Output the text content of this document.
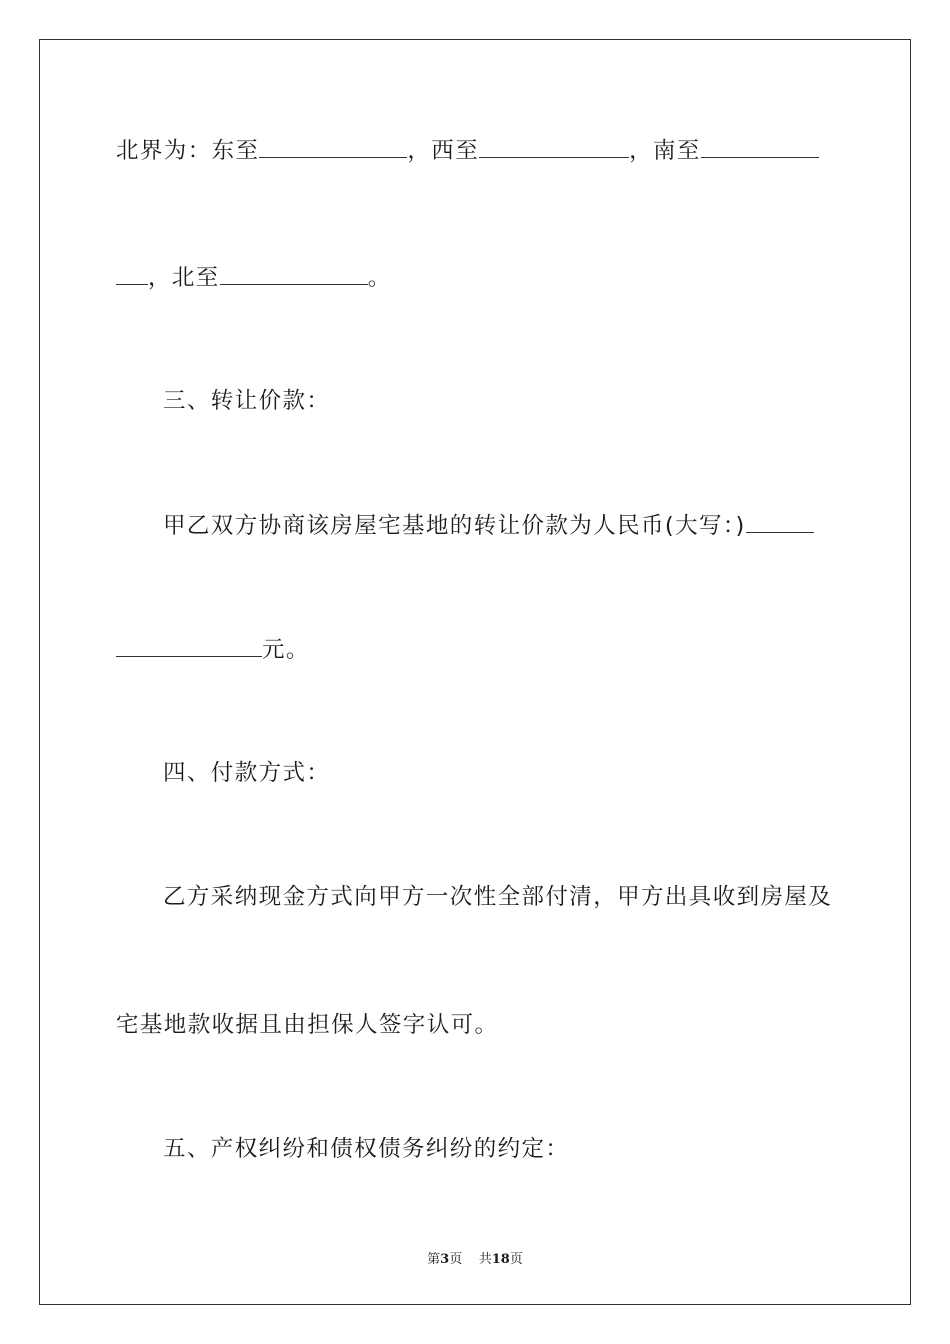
北界为：东至	，西至	，南至
，北至	。
三、转让价款：
甲乙双方协商该房屋宅基地的转让价款为人民币(大写：)
元。
四、付款方式：
乙方采纳现金方式向甲方一次性全部付清，甲方出具收到房屋及
宅基地款收据且由担保人签字认可。
五、产权纠纷和债权债务纠纷的约定：
第3页 共18页
